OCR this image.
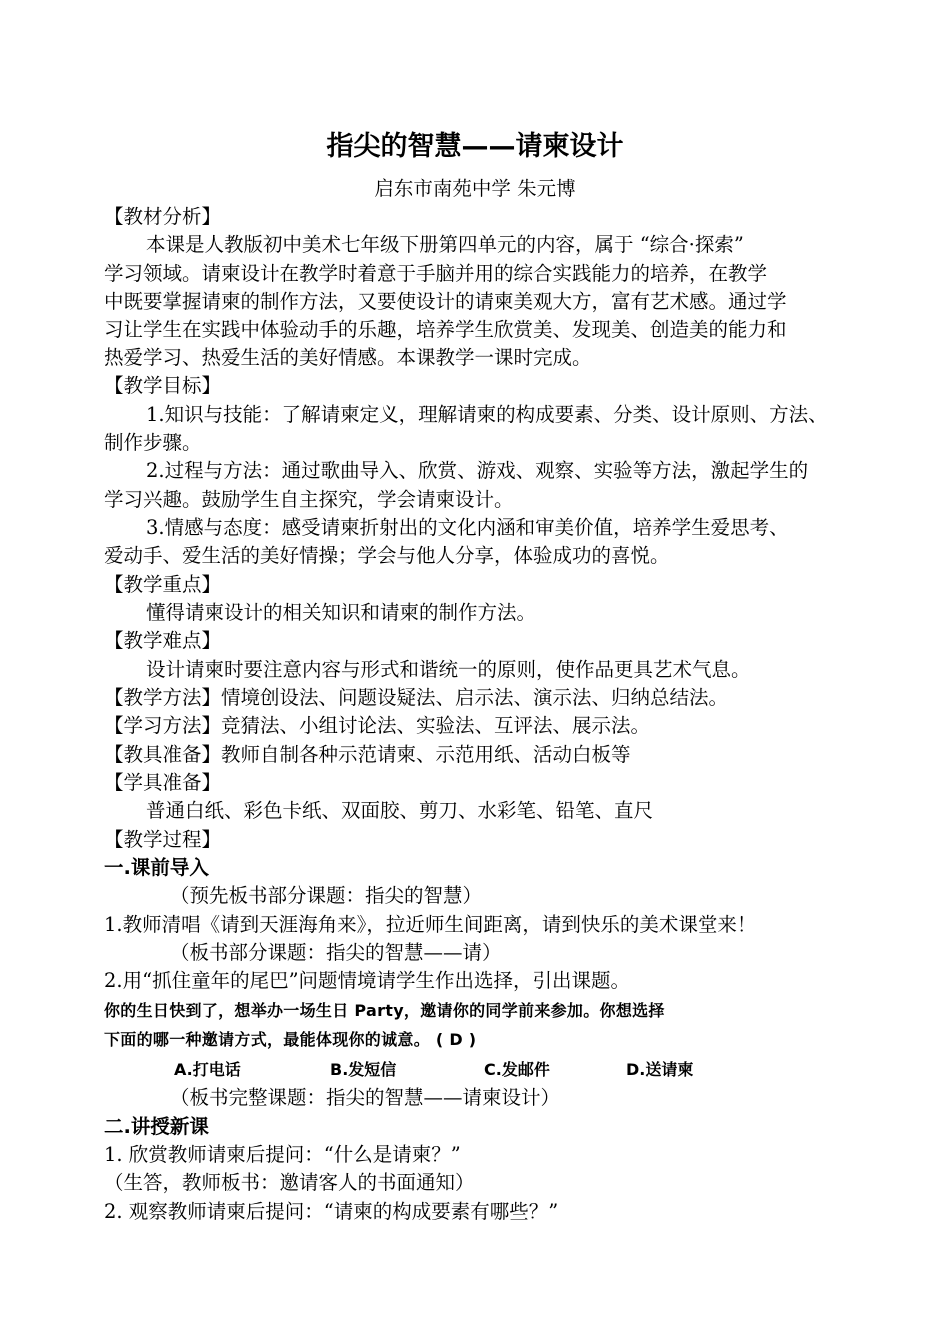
指尖的智慧——请柬设计
启东市南苑中学 朱元博
【教材分析】
本课是人教版初中美术七年级下册第四单元的内容，属于 “综合·探索”
学习领域。请柬设计在教学时着意于手脑并用的综合实践能力的培养，在教学
中既要掌握请柬的制作方法，又要使设计的请柬美观大方，富有艺术感。通过学
习让学生在实践中体验动手的乐趣，培养学生欣赏美、发现美、创造美的能力和
热爱学习、热爱生活的美好情感。本课教学一课时完成。
【教学目标】
1.知识与技能：了解请柬定义，理解请柬的构成要素、分类、设计原则、方法、
制作步骤。
2.过程与方法：通过歌曲导入、欣赏、游戏、观察、实验等方法，激起学生的
学习兴趣。鼓励学生自主探究，学会请柬设计。
3.情感与态度：感受请柬折射出的文化内涵和审美价值，培养学生爱思考、
爱动手、爱生活的美好情操；学会与他人分享，体验成功的喜悦。
【教学重点】
懂得请柬设计的相关知识和请柬的制作方法。
【教学难点】
设计请柬时要注意内容与形式和谐统一的原则，使作品更具艺术气息。
【教学方法】情境创设法、问题设疑法、启示法、演示法、归纳总结法。
【学习方法】竞猜法、小组讨论法、实验法、互评法、展示法。
【教具准备】教师自制各种示范请柬、示范用纸、活动白板等
【学具准备】
普通白纸、彩色卡纸、双面胶、剪刀、水彩笔、铅笔、直尺
【教学过程】
一.课前导入
（预先板书部分课题：指尖的智慧）
1.教师清唱《请到天涯海角来》，拉近师生间距离，请到快乐的美术课堂来！
（板书部分课题：指尖的智慧——请）
2.用“抓住童年的尾巴”问题情境请学生作出选择，引出课题。
你的生日快到了，想举办一场生日 Party，邀请你的同学前来参加。你想选择
下面的哪一种邀请方式，最能体现你的诚意。 ( D )
A.打电话	B.发短信	C.发邮件	D.送请柬
（板书完整课题：指尖的智慧——请柬设计）
二.讲授新课
1. 欣赏教师请柬后提问：“什么是请柬？”
（生答，教师板书：邀请客人的书面通知）
2. 观察教师请柬后提问：“请柬的构成要素有哪些？”
